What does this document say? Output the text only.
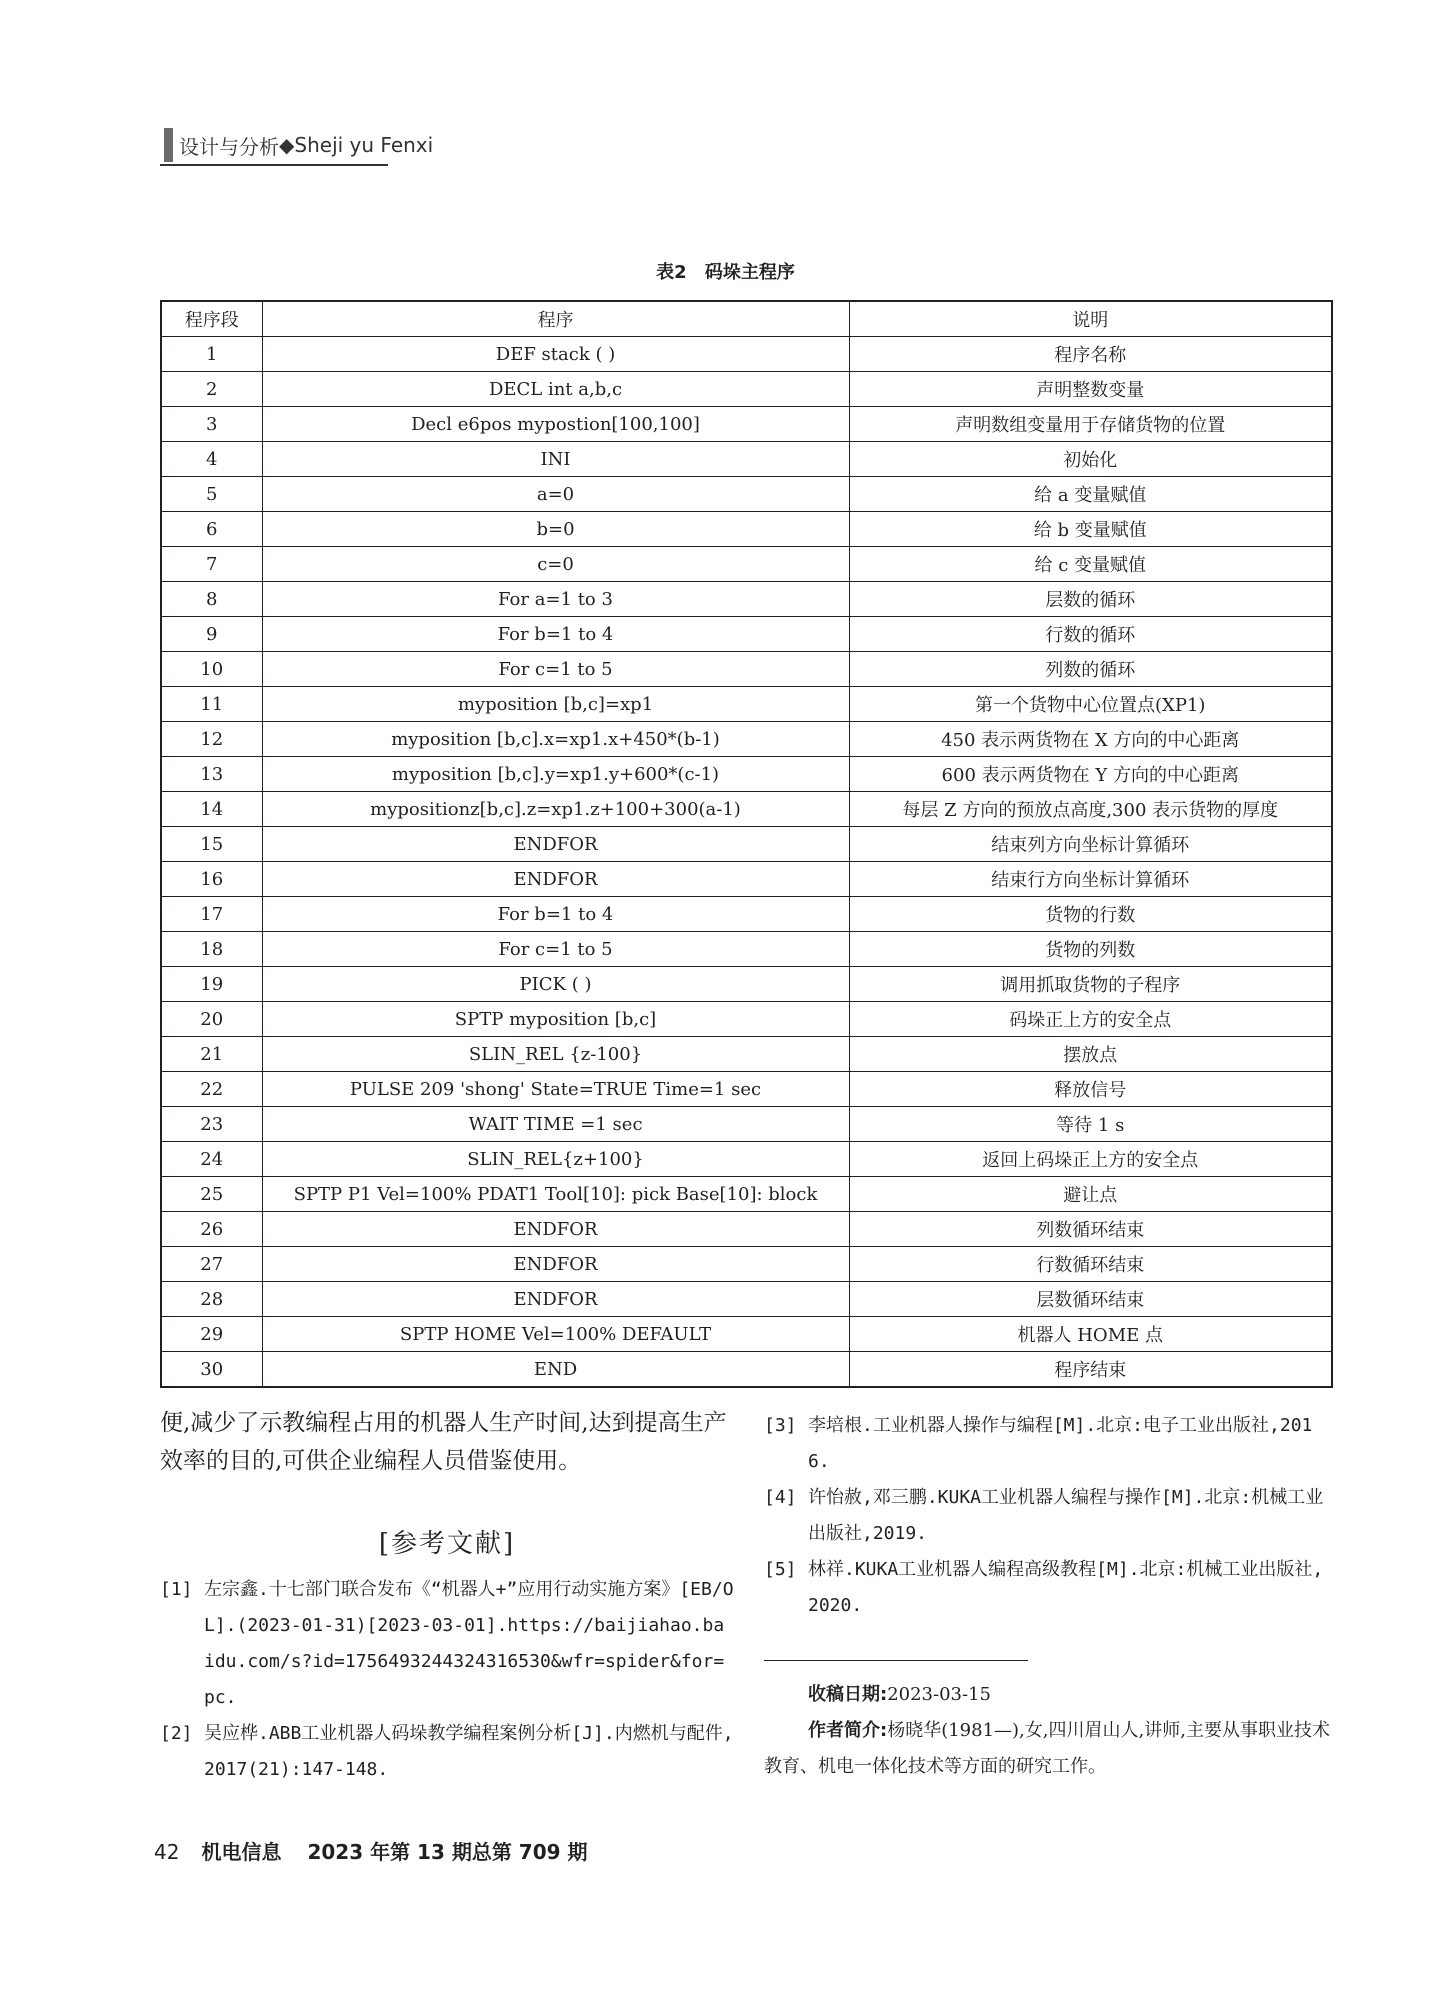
设计与分析 ◆ Sheji yu Fenxi
表2 码垛主程序
程序段	程序	说明
1	DEF stack ( )	程序名称
2	DECL int a,b,c	声明整数变量
3	Decl e6pos mypostion[100,100]	声明数组变量用于存储货物的位置
4	INI	初始化
5	a=0	给 a 变量赋值
6	b=0	给 b 变量赋值
7	c=0	给 c 变量赋值
8	For a=1 to 3	层数的循环
9	For b=1 to 4	行数的循环
10	For c=1 to 5	列数的循环
11	myposition [b,c]=xp1	第一个货物中心位置点(XP1)
12	myposition [b,c].x=xp1.x+450*(b-1)	450 表示两货物在 X 方向的中心距离
13	myposition [b,c].y=xp1.y+600*(c-1)	600 表示两货物在 Y 方向的中心距离
14	mypositionz[b,c].z=xp1.z+100+300(a-1)	每层 Z 方向的预放点高度,300 表示货物的厚度
15	ENDFOR	结束列方向坐标计算循环
16	ENDFOR	结束行方向坐标计算循环
17	For b=1 to 4	货物的行数
18	For c=1 to 5	货物的列数
19	PICK ( )	调用抓取货物的子程序
20	SPTP myposition [b,c]	码垛正上方的安全点
21	SLIN_REL {z-100}	摆放点
22	PULSE 209 'shong' State=TRUE Time=1 sec	释放信号
23	WAIT TIME =1 sec	等待 1 s
24	SLIN_REL{z+100}	返回上码垛正上方的安全点
25	SPTP P1 Vel=100% PDAT1 Tool[10]: pick Base[10]: block	避让点
26	ENDFOR	列数循环结束
27	ENDFOR	行数循环结束
28	ENDFOR	层数循环结束
29	SPTP HOME Vel=100% DEFAULT	机器人 HOME 点
30	END	程序结束

便,减少了示教编程占用的机器人生产时间,达到提高生产效率的目的,可供企业编程人员借鉴使用。

[参考文献]
[1] 左宗鑫.十七部门联合发布《“机器人+”应用行动实施方案》[EB/OL].(2023-01-31)[2023-03-01].https://baijiahao.baidu.com/s?id=1756493244324316530&wfr=spider&for=pc.
[2] 吴应桦.ABB工业机器人码垛教学编程案例分析[J].内燃机与配件,2017(21):147-148.
[3] 李培根.工业机器人操作与编程[M].北京:电子工业出版社,2016.
[4] 许怡赦,邓三鹏.KUKA工业机器人编程与操作[M].北京:机械工业出版社,2019.
[5] 林祥.KUKA工业机器人编程高级教程[M].北京:机械工业出版社,2020.
收稿日期:2023-03-15
作者简介:杨晓华(1981—),女,四川眉山人,讲师,主要从事职业技术教育、机电一体化技术等方面的研究工作。
42 机电信息 2023 年第 13 期总第 709 期
